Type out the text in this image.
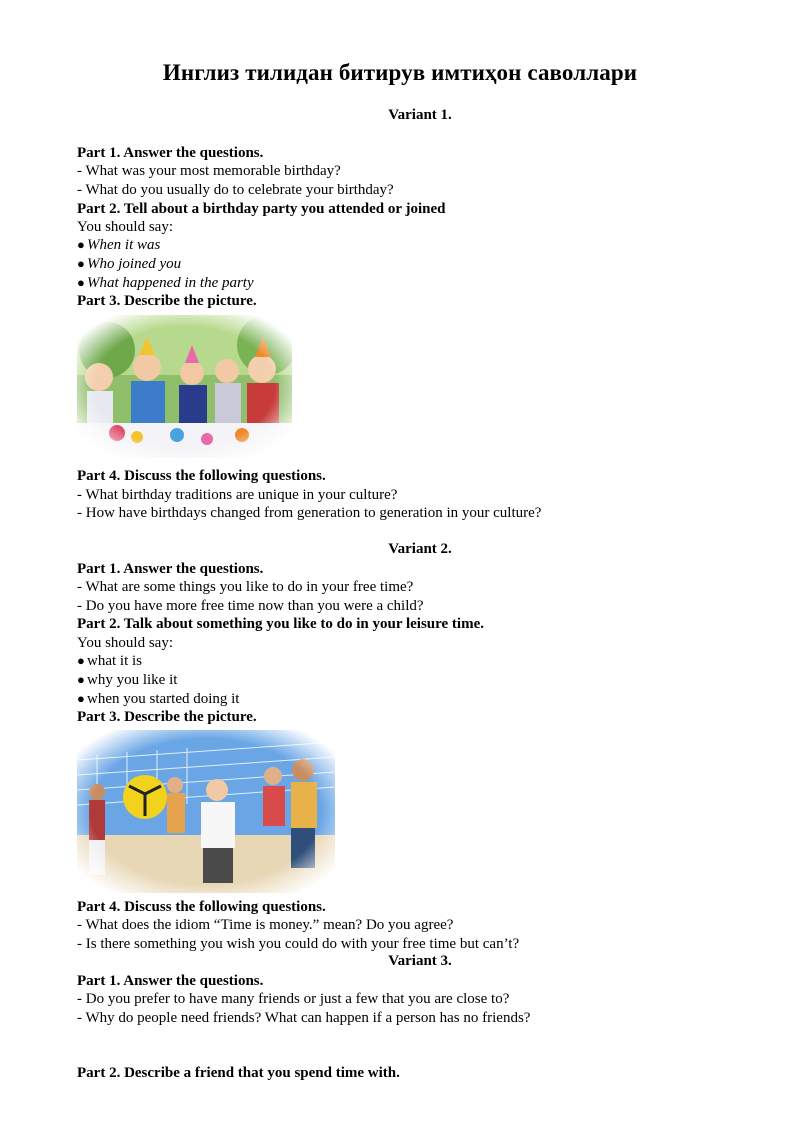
Инглиз тилидан битирув имтиҳон саволлари
Variant 1.
Part 1. Answer the questions.
- What was your most memorable birthday?
- What do you usually do to celebrate your birthday?
Part 2. Tell about a birthday party you attended or joined
You should say:
● When it was
● Who joined you
● What happened in the party
Part 3. Describe the picture.
Part 4. Discuss the following questions.
- What birthday traditions are unique in your culture?
- How have birthdays changed from generation to generation in your culture?
Variant 2.
Part 1. Answer the questions.
- What are some things you like to do in your free time?
- Do you have more free time now than you were a child?
Part 2. Talk about something you like to do in your leisure time.
You should say:
● what it is
● why you like it
● when you started doing it
Part 3. Describe the picture.
Part 4. Discuss the following questions.
- What does the idiom “Time is money.” mean? Do you agree?
- Is there something you wish you could do with your free time but can’t?
Variant 3.
Part 1. Answer the questions.
- Do you prefer to have many friends or just a few that you are close to?
- Why do people need friends? What can happen if a person has no friends?
Part 2. Describe a friend that you spend time with.
